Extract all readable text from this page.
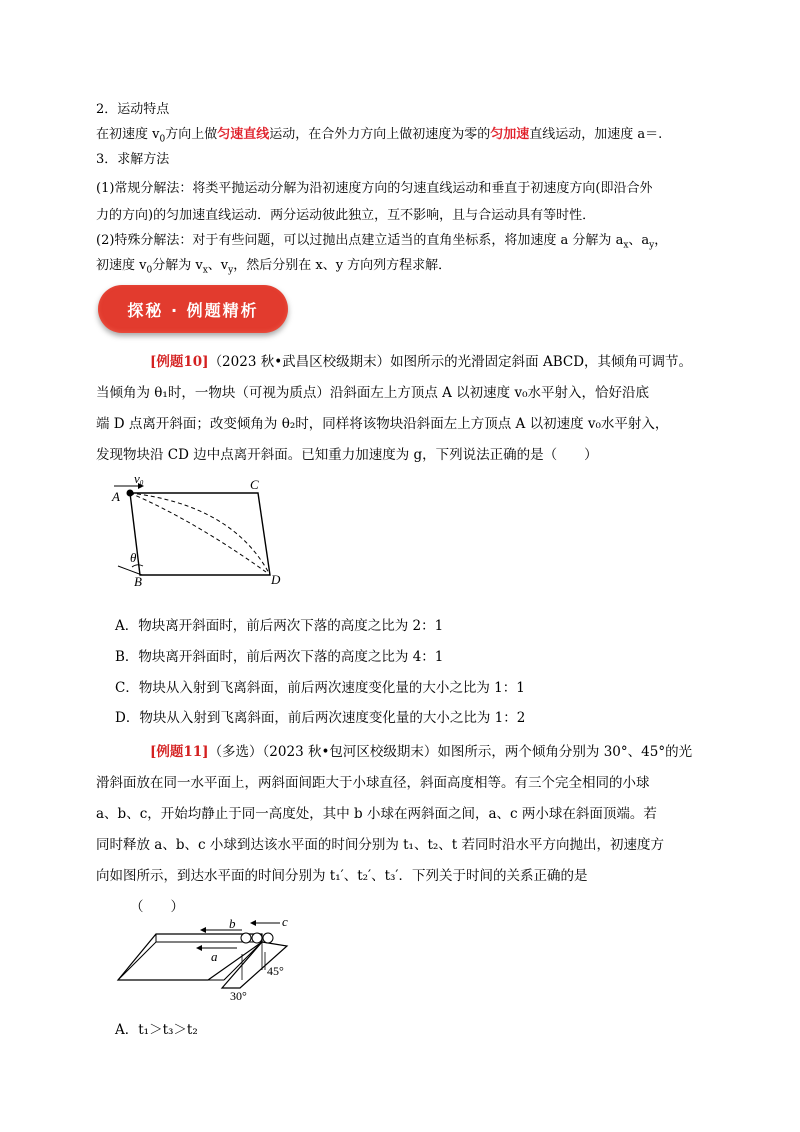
2．运动特点
在初速度 $v_0$方向上做匀速直线运动，在合外力方向上做初速度为零的匀加速直线运动，加速度 a＝.
3．求解方法
(1)常规分解法：将类平抛运动分解为沿初速度方向的匀速直线运动和垂直于初速度方向(即沿合外
力的方向)的匀加速直线运动．两分运动彼此独立，互不影响，且与合运动具有等时性．
(2)特殊分解法：对于有些问题，可以过抛出点建立适当的直角坐标系，将加速度 a 分解为 $a_x$、$a_y$，
初速度 $v_0$分解为 $v_x$、$v_y$，然后分别在 x、y 方向列方程求解．
探秘 · 例题精析
[例题10]（2023 秋•武昌区校级期末）如图所示的光滑固定斜面 ABCD，其倾角可调节。
当倾角为 θ₁时，一物块（可视为质点）沿斜面左上方顶点 A 以初速度 v₀水平射入，恰好沿底
端 D 点离开斜面；改变倾角为 θ₂时，同样将该物块沿斜面左上方顶点 A 以初速度 v₀水平射入，
发现物块沿 CD 边中点离开斜面。已知重力加速度为 g，下列说法正确的是（　　）
A
v0	C
B	D
θ
A．物块离开斜面时，前后两次下落的高度之比为 2：1
B．物块离开斜面时，前后两次下落的高度之比为 4：1
C．物块从入射到飞离斜面，前后两次速度变化量的大小之比为 1：1
D．物块从入射到飞离斜面，前后两次速度变化量的大小之比为 1：2
[例题11]（多选）（2023 秋•包河区校级期末）如图所示，两个倾角分别为 30°、45°的光
滑斜面放在同一水平面上，两斜面间距大于小球直径，斜面高度相等。有三个完全相同的小球
a、b、c，开始均静止于同一高度处，其中 b 小球在两斜面之间，a、c 两小球在斜面顶端。若
同时释放 a、b、c 小球到达该水平面的时间分别为 t₁、t₂、t 若同时沿水平方向抛出，初速度方
向如图所示，到达水平面的时间分别为 t₁′、t₂′、t₃′．下列关于时间的关系正确的是
（　　）
b	c
a
45°
30°
A．t₁＞t₃＞t₂
